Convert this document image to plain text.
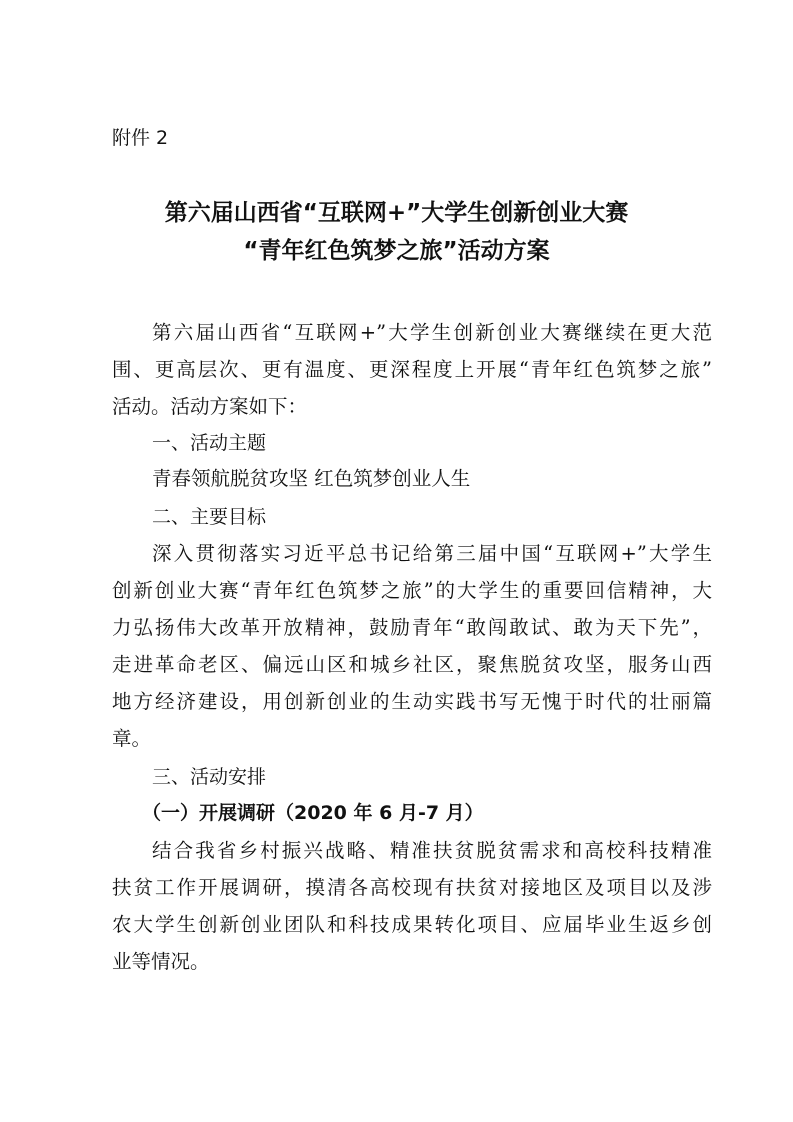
附件 2
第六届山西省“互联网+”大学生创新创业大赛
“青年红色筑梦之旅”活动方案
第六届山西省“互联网+”大学生创新创业大赛继续在更大范
围、更高层次、更有温度、更深程度上开展“青年红色筑梦之旅”
活动。活动方案如下：
一、活动主题
青春领航脱贫攻坚 红色筑梦创业人生
二、主要目标
深入贯彻落实习近平总书记给第三届中国“互联网+”大学生
创新创业大赛“青年红色筑梦之旅”的大学生的重要回信精神，大
力弘扬伟大改革开放精神，鼓励青年“敢闯敢试、敢为天下先”，
走进革命老区、偏远山区和城乡社区，聚焦脱贫攻坚，服务山西
地方经济建设，用创新创业的生动实践书写无愧于时代的壮丽篇
章。
三、活动安排
（一）开展调研（2020 年 6 月-7 月）
结合我省乡村振兴战略、精准扶贫脱贫需求和高校科技精准
扶贫工作开展调研，摸清各高校现有扶贫对接地区及项目以及涉
农大学生创新创业团队和科技成果转化项目、应届毕业生返乡创
业等情况。
